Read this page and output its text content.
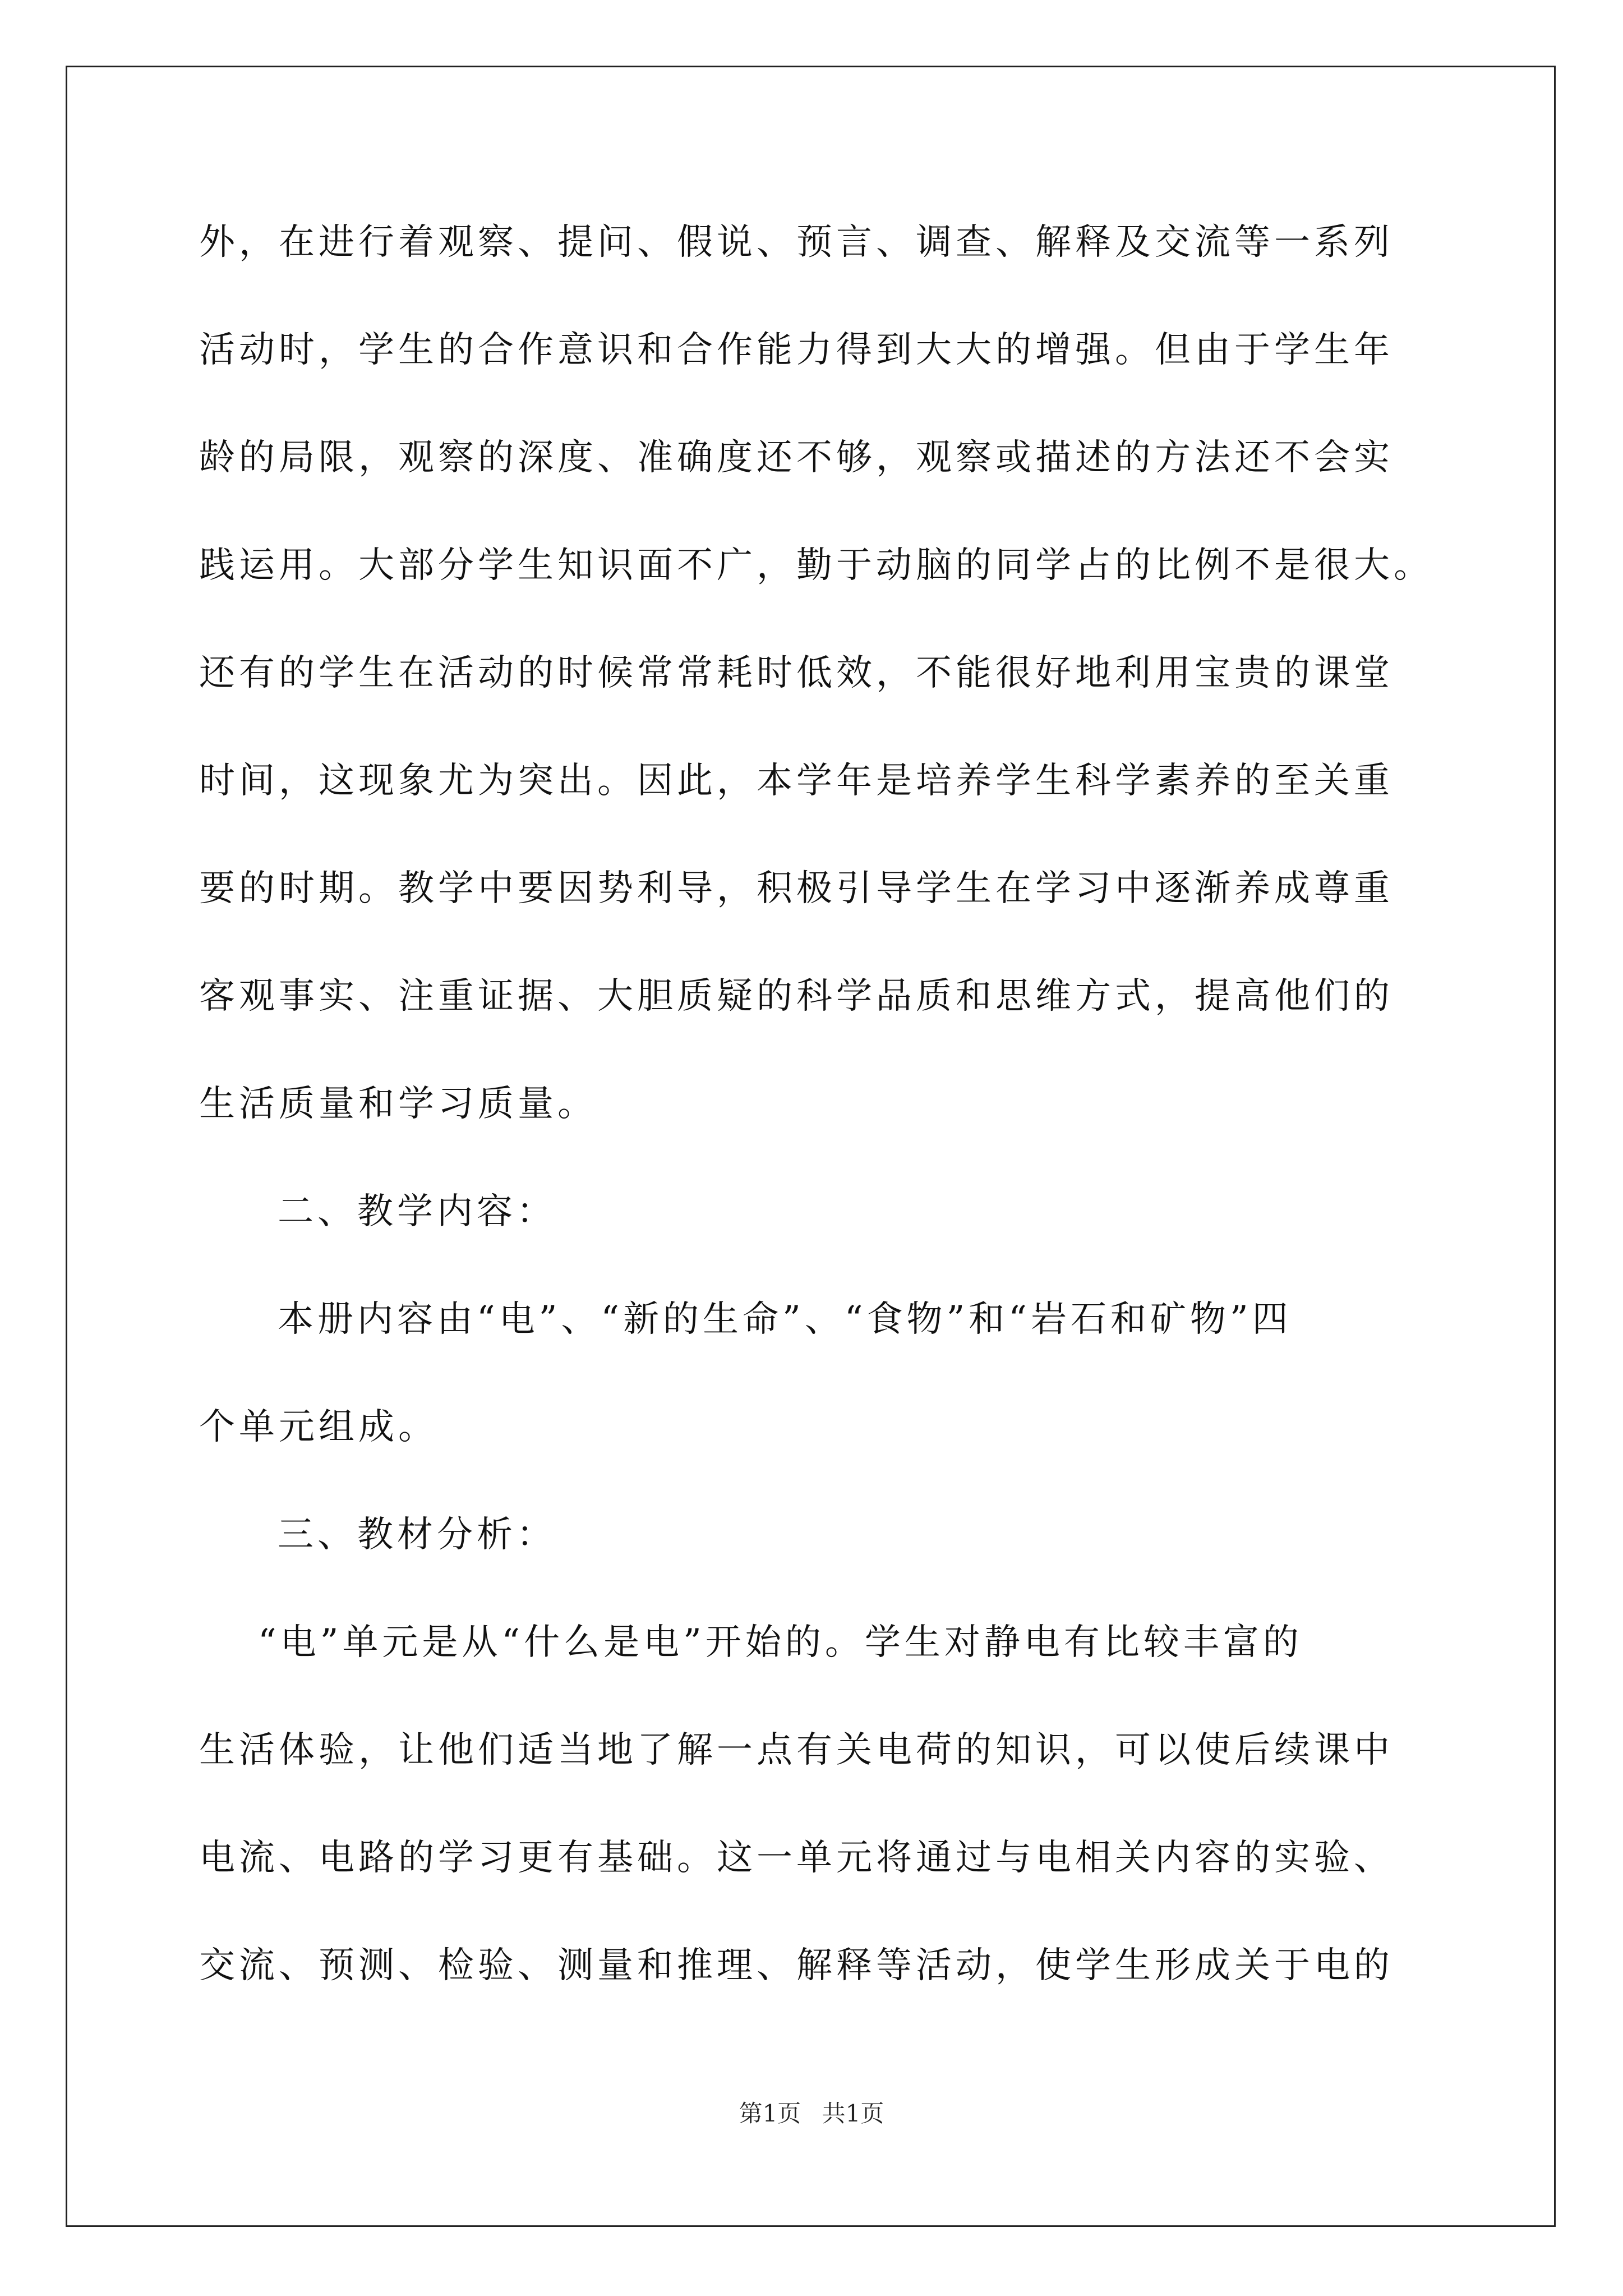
外，在进行着观察、提问、假说、预言、调查、解释及交流等一系列
活动时，学生的合作意识和合作能力得到大大的增强。但由于学生年
龄的局限，观察的深度、准确度还不够，观察或描述的方法还不会实
践运用。大部分学生知识面不广，勤于动脑的同学占的比例不是很大。
还有的学生在活动的时候常常耗时低效，不能很好地利用宝贵的课堂
时间，这现象尤为突出。因此，本学年是培养学生科学素养的至关重
要的时期。教学中要因势利导，积极引导学生在学习中逐渐养成尊重
客观事实、注重证据、大胆质疑的科学品质和思维方式，提高他们的
生活质量和学习质量。
二、教学内容：
本册内容由“电”、“新的生命”、“食物”和“岩石和矿物”四
个单元组成。
三、教材分析：
“电”单元是从“什么是电”开始的。学生对静电有比较丰富的
生活体验，让他们适当地了解一点有关电荷的知识，可以使后续课中
电流、电路的学习更有基础。这一单元将通过与电相关内容的实验、
交流、预测、检验、测量和推理、解释等活动，使学生形成关于电的
第1页 共1页
